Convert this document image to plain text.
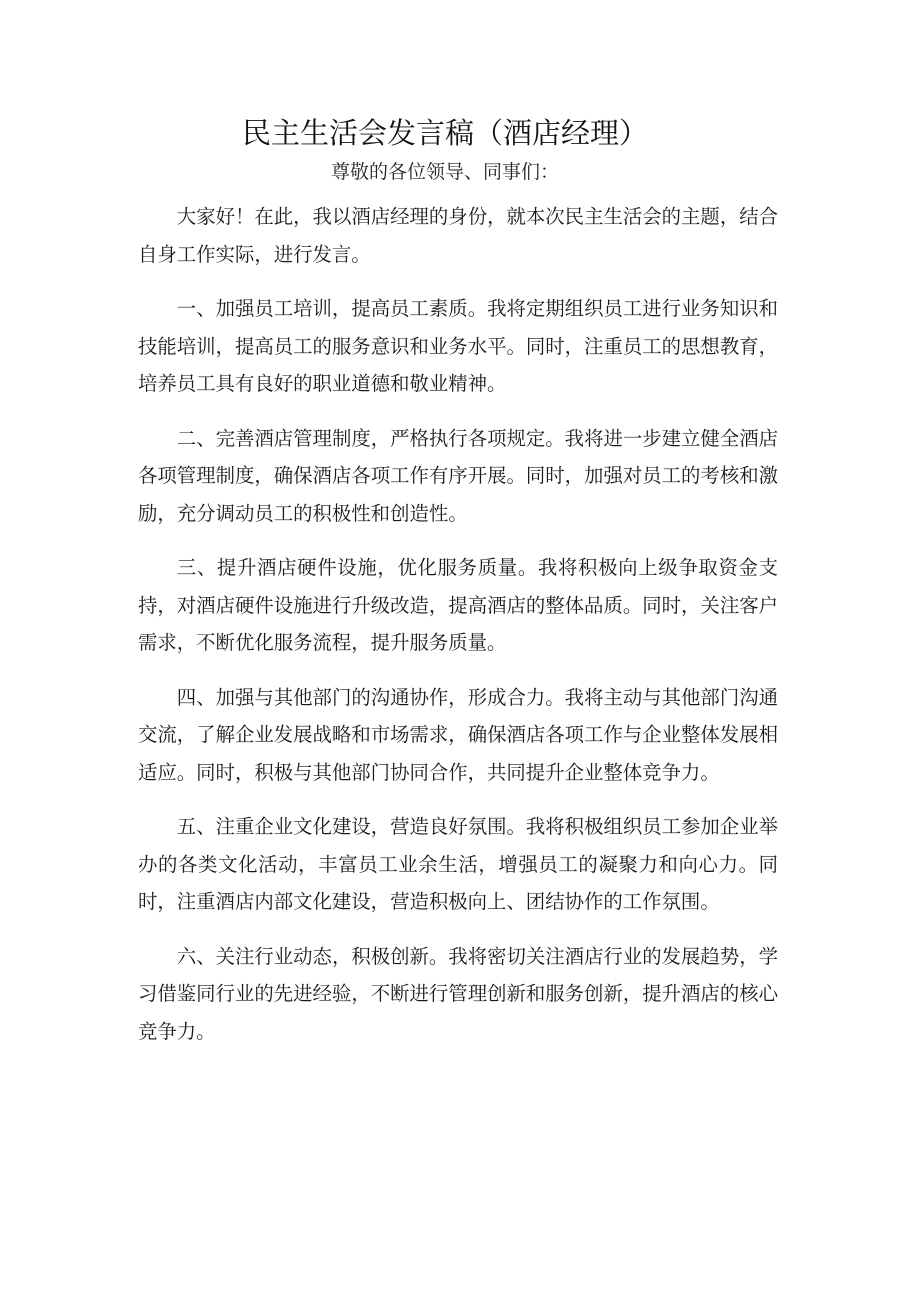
民主生活会发言稿（酒店经理）
尊敬的各位领导、同事们：

大家好！在此，我以酒店经理的身份，就本次民主生活会的主题，结合自身工作实际，进行发言。

一、加强员工培训，提高员工素质。我将定期组织员工进行业务知识和技能培训，提高员工的服务意识和业务水平。同时，注重员工的思想教育，培养员工具有良好的职业道德和敬业精神。

二、完善酒店管理制度，严格执行各项规定。我将进一步建立健全酒店各项管理制度，确保酒店各项工作有序开展。同时，加强对员工的考核和激励，充分调动员工的积极性和创造性。

三、提升酒店硬件设施，优化服务质量。我将积极向上级争取资金支持，对酒店硬件设施进行升级改造，提高酒店的整体品质。同时，关注客户需求，不断优化服务流程，提升服务质量。

四、加强与其他部门的沟通协作，形成合力。我将主动与其他部门沟通交流，了解企业发展战略和市场需求，确保酒店各项工作与企业整体发展相适应。同时，积极与其他部门协同合作，共同提升企业整体竞争力。

五、注重企业文化建设，营造良好氛围。我将积极组织员工参加企业举办的各类文化活动，丰富员工业余生活，增强员工的凝聚力和向心力。同时，注重酒店内部文化建设，营造积极向上、团结协作的工作氛围。

六、关注行业动态，积极创新。我将密切关注酒店行业的发展趋势，学习借鉴同行业的先进经验，不断进行管理创新和服务创新，提升酒店的核心竞争力。
